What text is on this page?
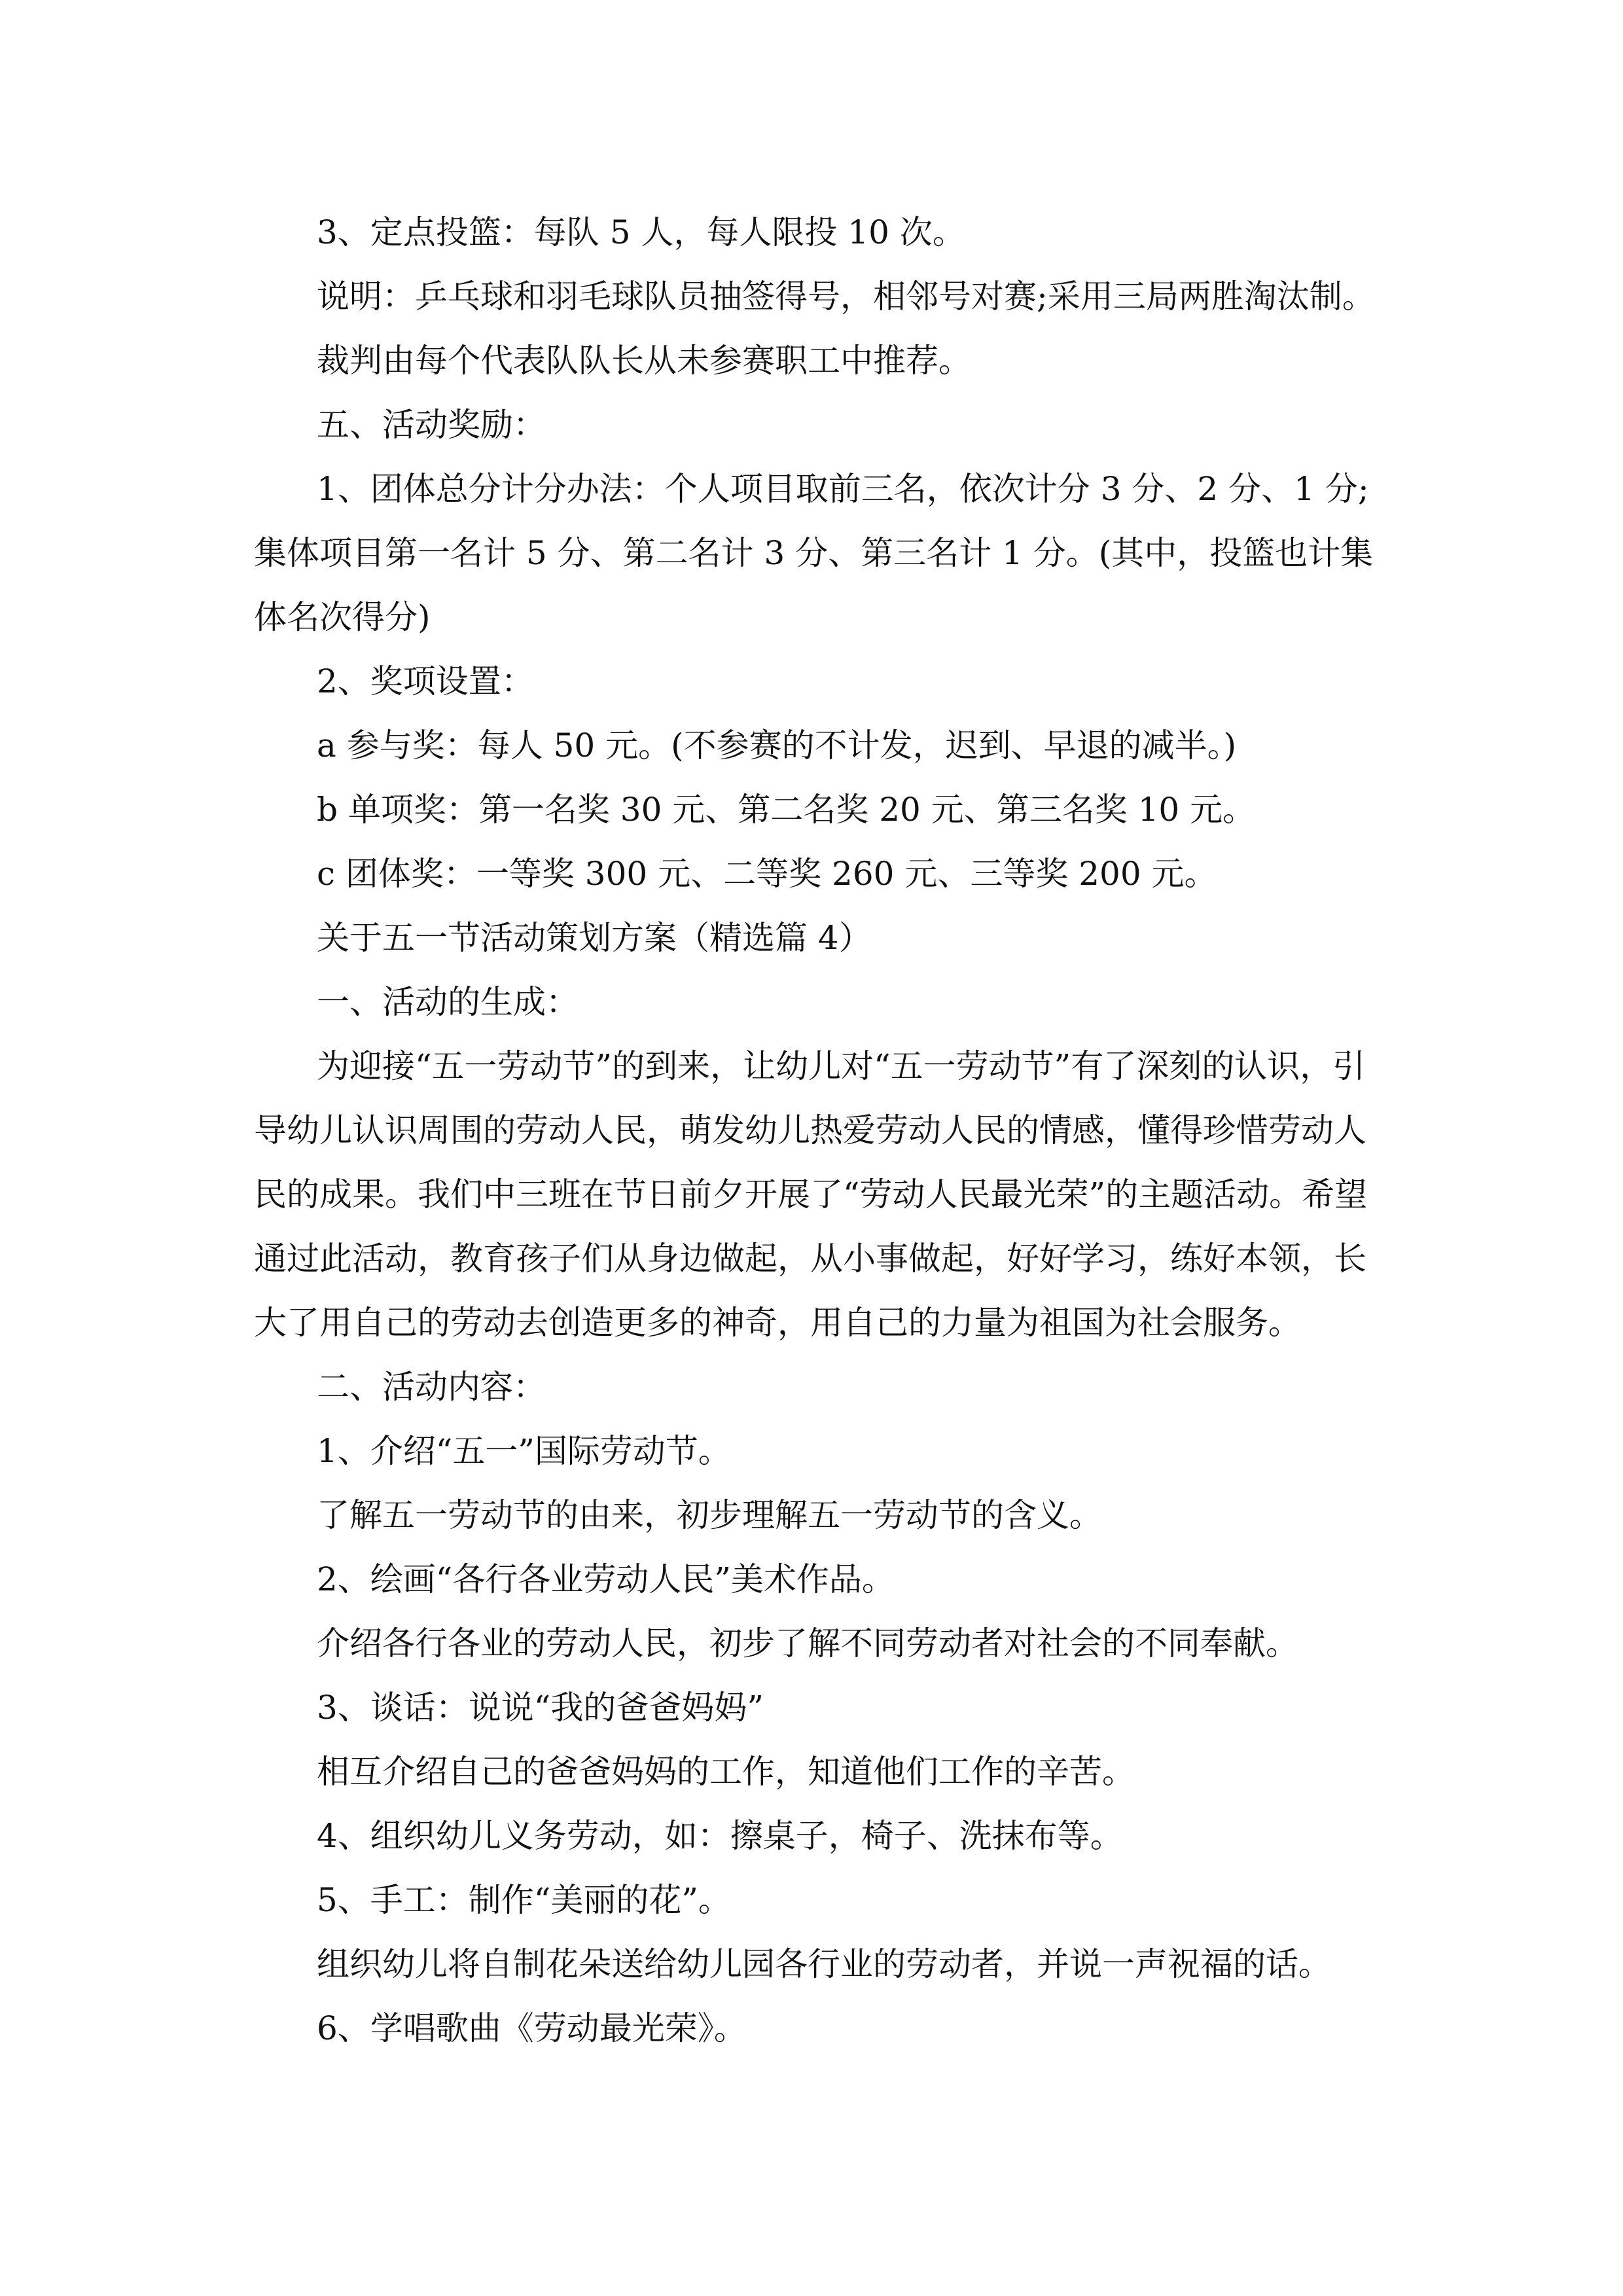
3、定点投篮：每队 5 人，每人限投 10 次。

说明：乒乓球和羽毛球队员抽签得号，相邻号对赛;采用三局两胜淘汰制。

裁判由每个代表队队长从未参赛职工中推荐。

五、活动奖励：

1、团体总分计分办法：个人项目取前三名，依次计分 3 分、2 分、1 分;集体项目第一名计 5 分、第二名计 3 分、第三名计 1 分。(其中，投篮也计集体名次得分)

2、奖项设置：

a 参与奖：每人 50 元。(不参赛的不计发，迟到、早退的减半。)

b 单项奖：第一名奖 30 元、第二名奖 20 元、第三名奖 10 元。

c 团体奖：一等奖 300 元、二等奖 260 元、三等奖 200 元。

关于五一节活动策划方案（精选篇 4）

一、活动的生成：

为迎接“五一劳动节”的到来，让幼儿对“五一劳动节”有了深刻的认识，引导幼儿认识周围的劳动人民，萌发幼儿热爱劳动人民的情感，懂得珍惜劳动人民的成果。我们中三班在节日前夕开展了“劳动人民最光荣”的主题活动。希望通过此活动，教育孩子们从身边做起，从小事做起，好好学习，练好本领，长大了用自己的劳动去创造更多的神奇，用自己的力量为祖国为社会服务。

二、活动内容：

1、介绍“五一”国际劳动节。

了解五一劳动节的由来，初步理解五一劳动节的含义。

2、绘画“各行各业劳动人民”美术作品。

介绍各行各业的劳动人民，初步了解不同劳动者对社会的不同奉献。

3、谈话：说说“我的爸爸妈妈”

相互介绍自己的爸爸妈妈的工作，知道他们工作的辛苦。

4、组织幼儿义务劳动，如：擦桌子，椅子、洗抹布等。

5、手工：制作“美丽的花”。

组织幼儿将自制花朵送给幼儿园各行业的劳动者，并说一声祝福的话。

6、学唱歌曲《劳动最光荣》。
